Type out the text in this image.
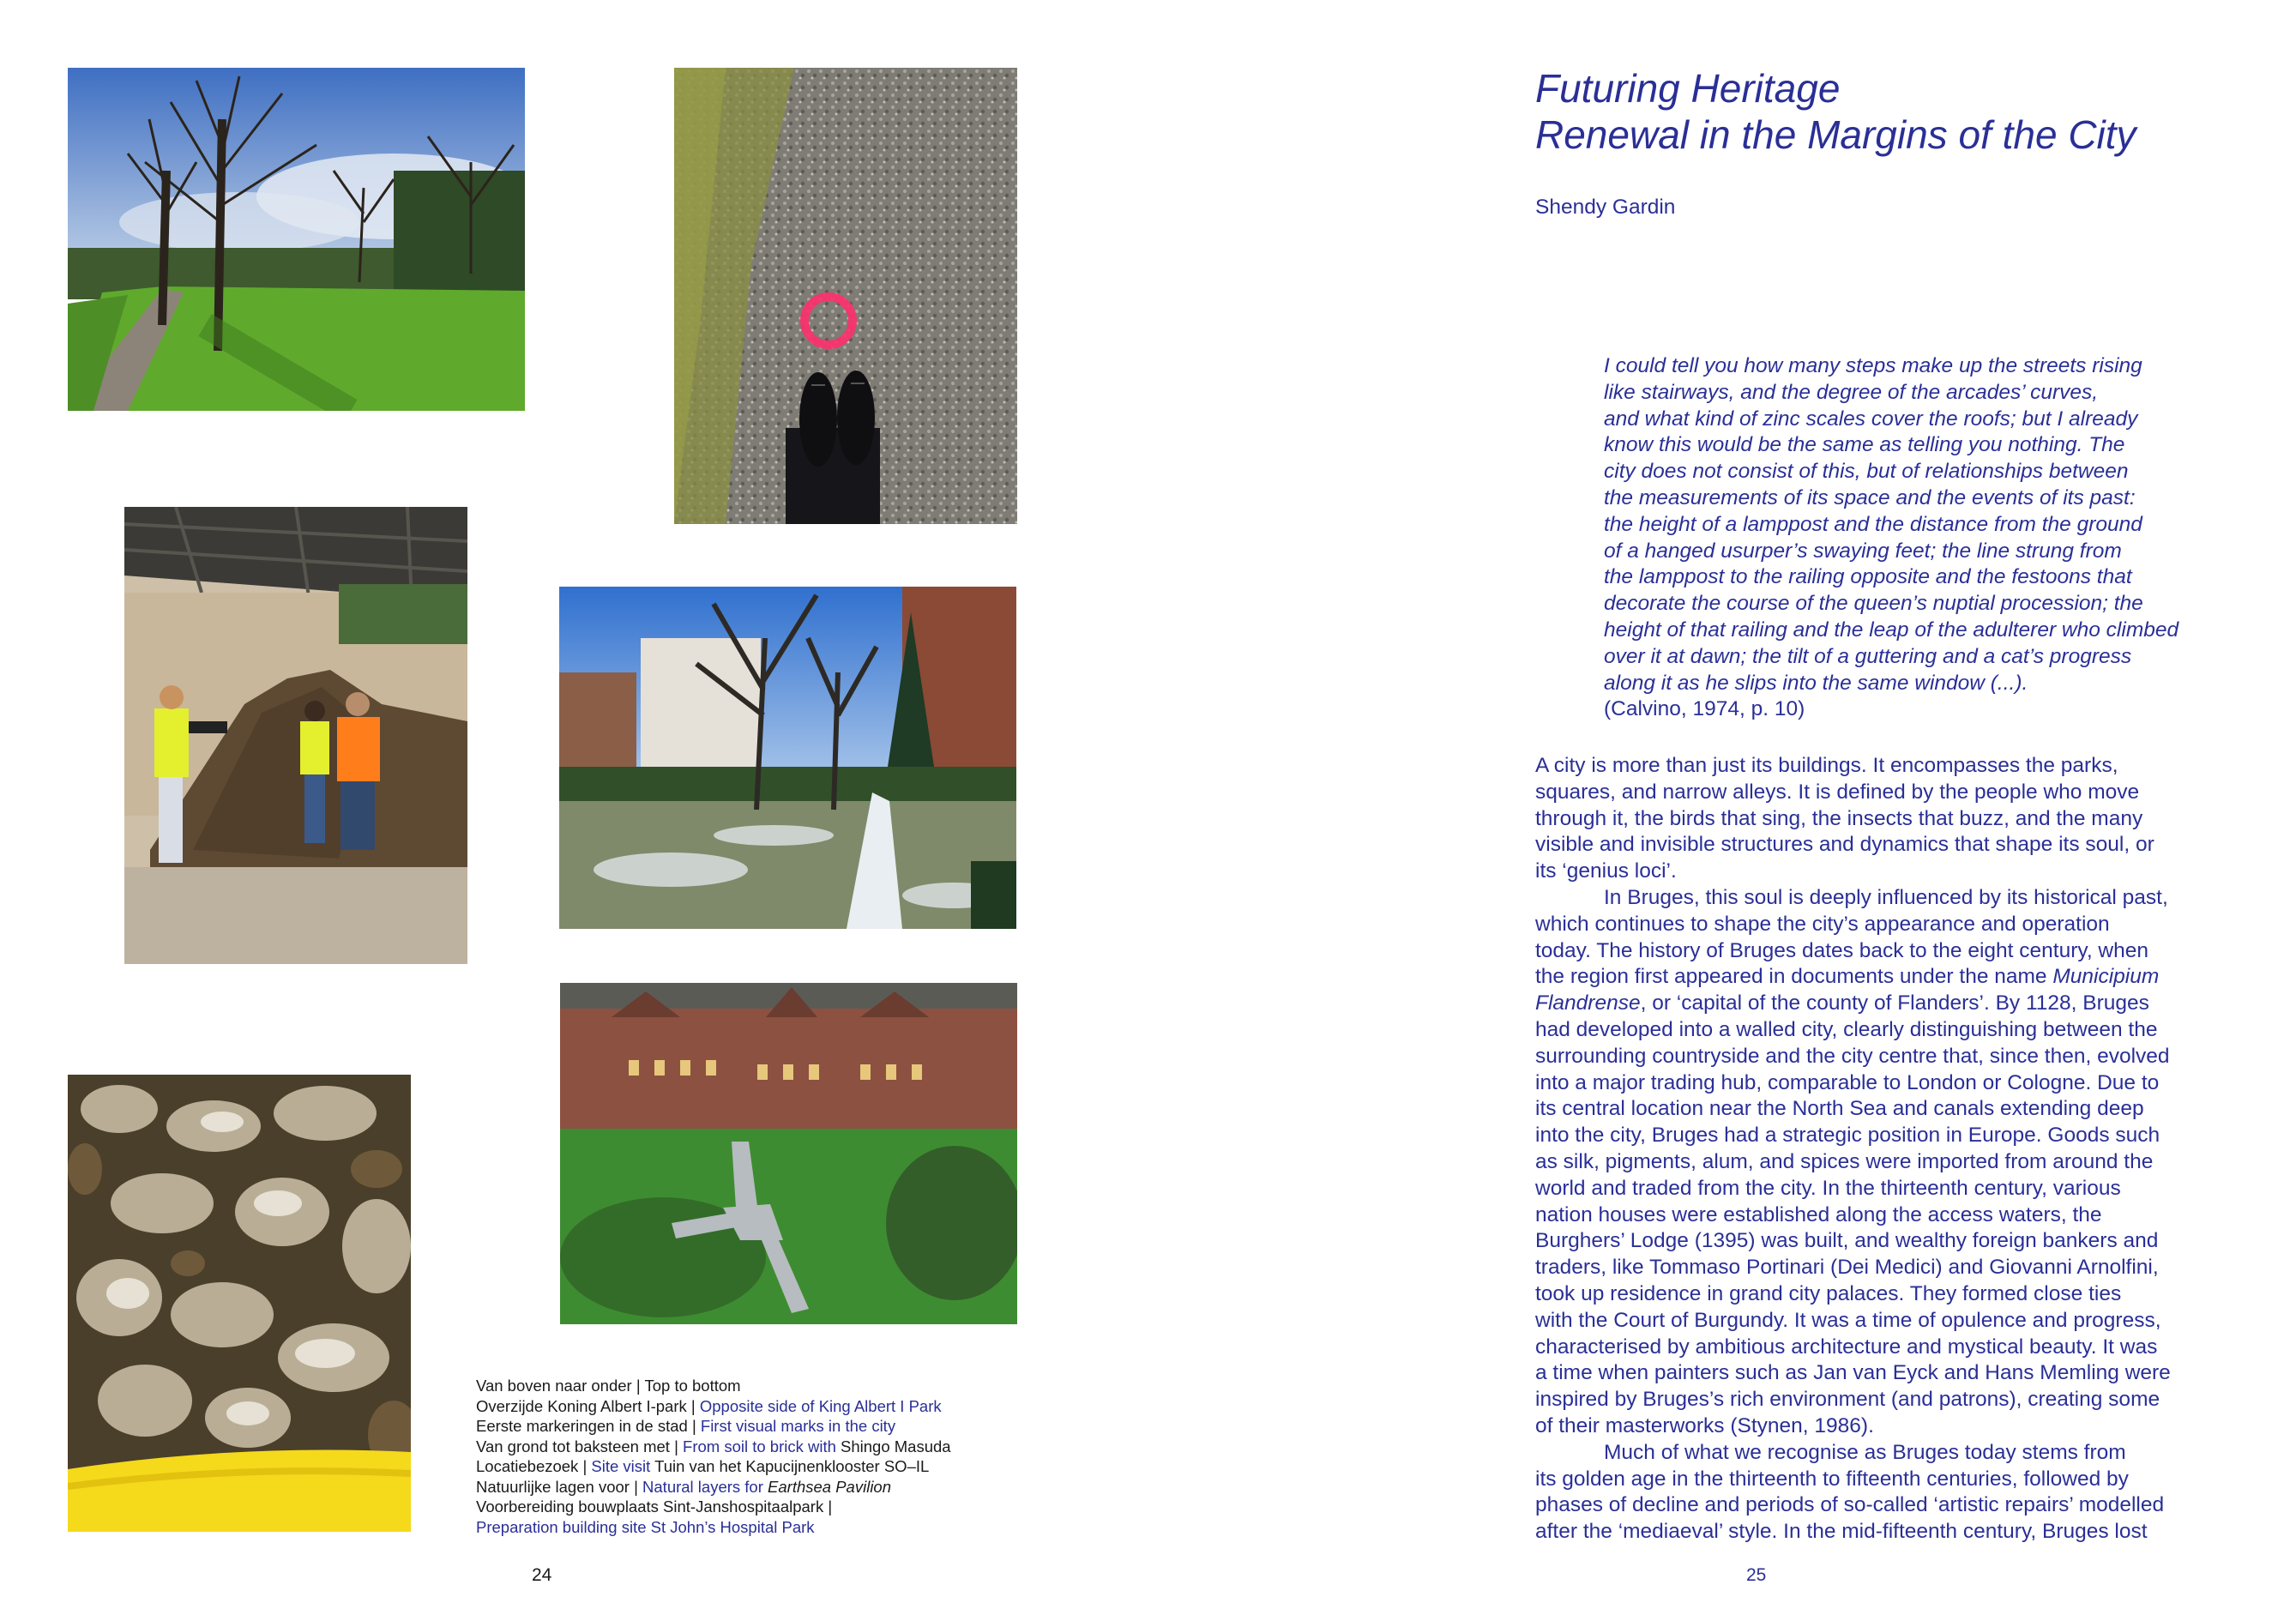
Van boven naar onder | Top to bottom
Overzijde Koning Albert I-park | Opposite side of King Albert I Park
Eerste markeringen in de stad | First visual marks in the city
Van grond tot baksteen met | From soil to brick with Shingo Masuda
Locatiebezoek | Site visit Tuin van het Kapucijnenklooster SO–IL
Natuurlijke lagen voor | Natural layers for Earthsea Pavilion
Voorbereiding bouwplaats Sint-Janshospitaalpark |
Preparation building site St John’s Hospital Park
24
Futuring Heritage
Renewal in the Margins of the City
Shendy Gardin
I could tell you how many steps make up the streets rising
like stairways, and the degree of the arcades’ curves,
and what kind of zinc scales cover the roofs; but I already
know this would be the same as telling you nothing. The
city does not consist of this, but of relationships between
the measurements of its space and the events of its past:
the height of a lamppost and the distance from the ground
of a hanged usurper’s swaying feet; the line strung from
the lamppost to the railing opposite and the festoons that
decorate the course of the queen’s nuptial procession; the
height of that railing and the leap of the adulterer who climbed
over it at dawn; the tilt of a guttering and a cat’s progress
along it as he slips into the same window (...).
(Calvino, 1974, p. 10)
A city is more than just its buildings. It encompasses the parks,
squares, and narrow alleys. It is defined by the people who move
through it, the birds that sing, the insects that buzz, and the many
visible and invisible structures and dynamics that shape its soul, or
its ‘genius loci’.
In Bruges, this soul is deeply influenced by its historical past,
which continues to shape the city’s appearance and operation
today. The history of Bruges dates back to the eight century, when
the region first appeared in documents under the name Municipium
Flandrense, or ‘capital of the county of Flanders’. By 1128, Bruges
had developed into a walled city, clearly distinguishing between the
surrounding countryside and the city centre that, since then, evolved
into a major trading hub, comparable to London or Cologne. Due to
its central location near the North Sea and canals extending deep
into the city, Bruges had a strategic position in Europe. Goods such
as silk, pigments, alum, and spices were imported from around the
world and traded from the city. In the thirteenth century, various
nation houses were established along the access waters, the
Burghers’ Lodge (1395) was built, and wealthy foreign bankers and
traders, like Tommaso Portinari (Dei Medici) and Giovanni Arnolfini,
took up residence in grand city palaces. They formed close ties
with the Court of Burgundy. It was a time of opulence and progress,
characterised by ambitious architecture and mystical beauty. It was
a time when painters such as Jan van Eyck and Hans Memling were
inspired by Bruges’s rich environment (and patrons), creating some
of their masterworks (Stynen, 1986).
Much of what we recognise as Bruges today stems from
its golden age in the thirteenth to fifteenth centuries, followed by
phases of decline and periods of so-called ‘artistic repairs’ modelled
after the ‘mediaeval’ style. In the mid-fifteenth century, Bruges lost
25
